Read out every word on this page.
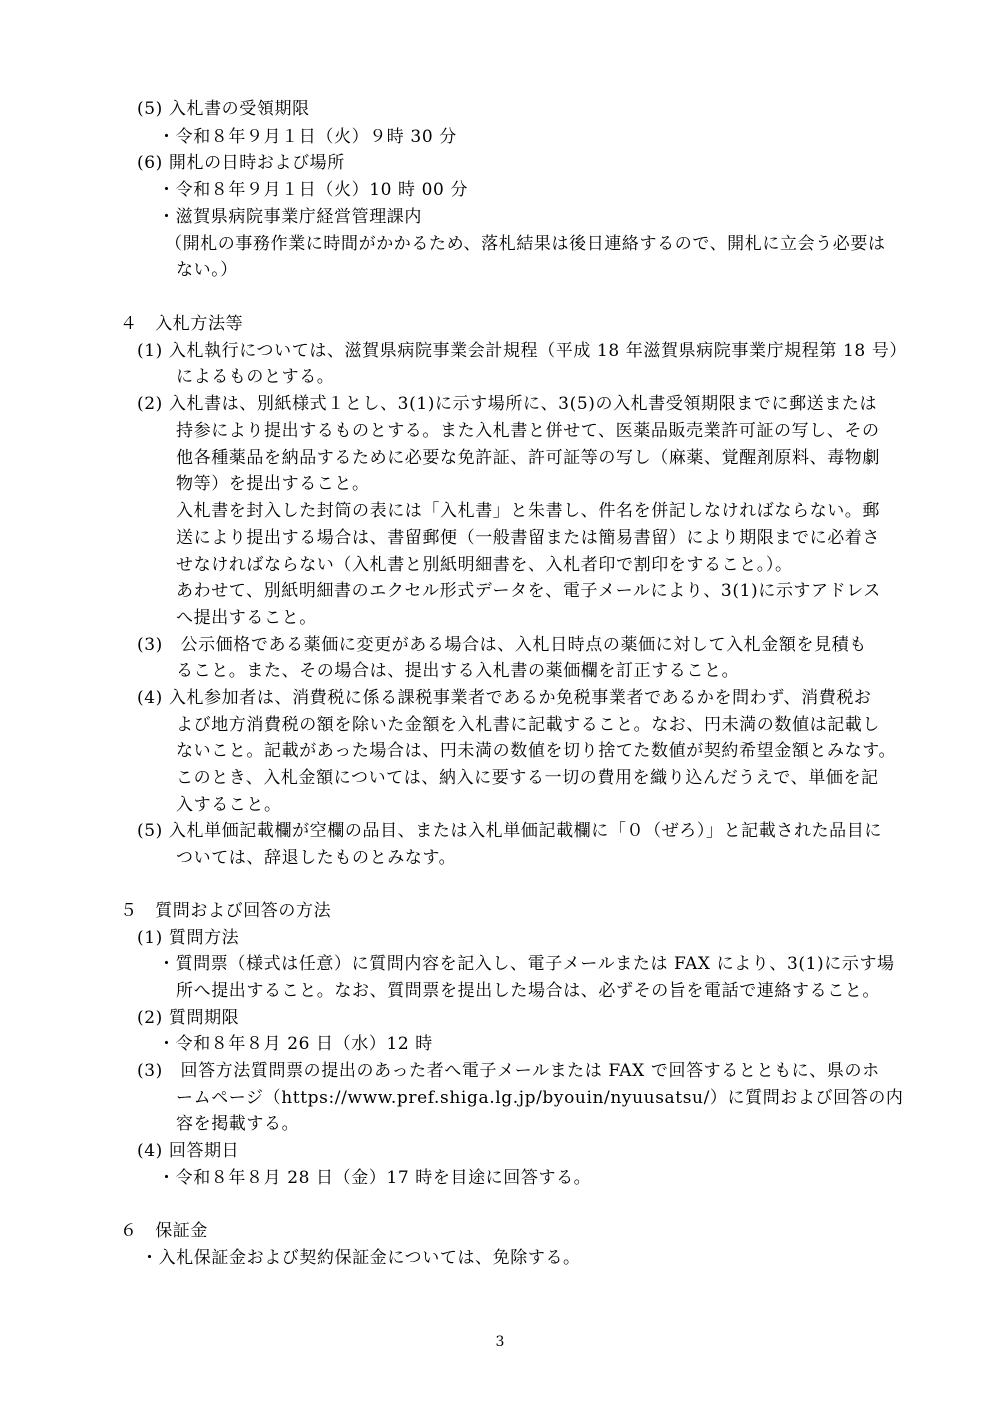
(5) 入札書の受領期限
・令和８年９月１日（火）９時 30 分
(6) 開札の日時および場所
・令和８年９月１日（火）10 時 00 分
・滋賀県病院事業庁経営管理課内
（開札の事務作業に時間がかかるため、落札結果は後日連絡するので、開札に立会う必要は
ない。）
４　入札方法等
(1) 入札執行については、滋賀県病院事業会計規程（平成 18 年滋賀県病院事業庁規程第 18 号）
によるものとする。
(2) 入札書は、別紙様式１とし、3(1)に示す場所に、3(5)の入札書受領期限までに郵送または
持参により提出するものとする。また入札書と併せて、医薬品販売業許可証の写し、その
他各種薬品を納品するために必要な免許証、許可証等の写し（麻薬、覚醒剤原料、毒物劇
物等）を提出すること。
入札書を封入した封筒の表には「入札書」と朱書し、件名を併記しなければならない。郵
送により提出する場合は、書留郵便（一般書留または簡易書留）により期限までに必着さ
せなければならない（入札書と別紙明細書を、入札者印で割印をすること。）。
あわせて、別紙明細書のエクセル形式データを、電子メールにより、3(1)に示すアドレス
へ提出すること。
(3)　公示価格である薬価に変更がある場合は、入札日時点の薬価に対して入札金額を見積も
ること。また、その場合は、提出する入札書の薬価欄を訂正すること。
(4) 入札参加者は、消費税に係る課税事業者であるか免税事業者であるかを問わず、消費税お
よび地方消費税の額を除いた金額を入札書に記載すること。なお、円未満の数値は記載し
ないこと。記載があった場合は、円未満の数値を切り捨てた数値が契約希望金額とみなす。
このとき、入札金額については、納入に要する一切の費用を織り込んだうえで、単価を記
入すること。
(5) 入札単価記載欄が空欄の品目、または入札単価記載欄に「０（ぜろ）」と記載された品目に
ついては、辞退したものとみなす。
５　質問および回答の方法
(1) 質問方法
・質問票（様式は任意）に質問内容を記入し、電子メールまたは FAX により、3(1)に示す場
所へ提出すること。なお、質問票を提出した場合は、必ずその旨を電話で連絡すること。
(2) 質問期限
・令和８年８月 26 日（水）12 時
(3)　回答方法質問票の提出のあった者へ電子メールまたは FAX で回答するとともに、県のホ
ームページ（https://www.pref.shiga.lg.jp/byouin/nyuusatsu/）に質問および回答の内
容を掲載する。
(4) 回答期日
・令和８年８月 28 日（金）17 時を目途に回答する。
６　保証金
・入札保証金および契約保証金については、免除する。
3
